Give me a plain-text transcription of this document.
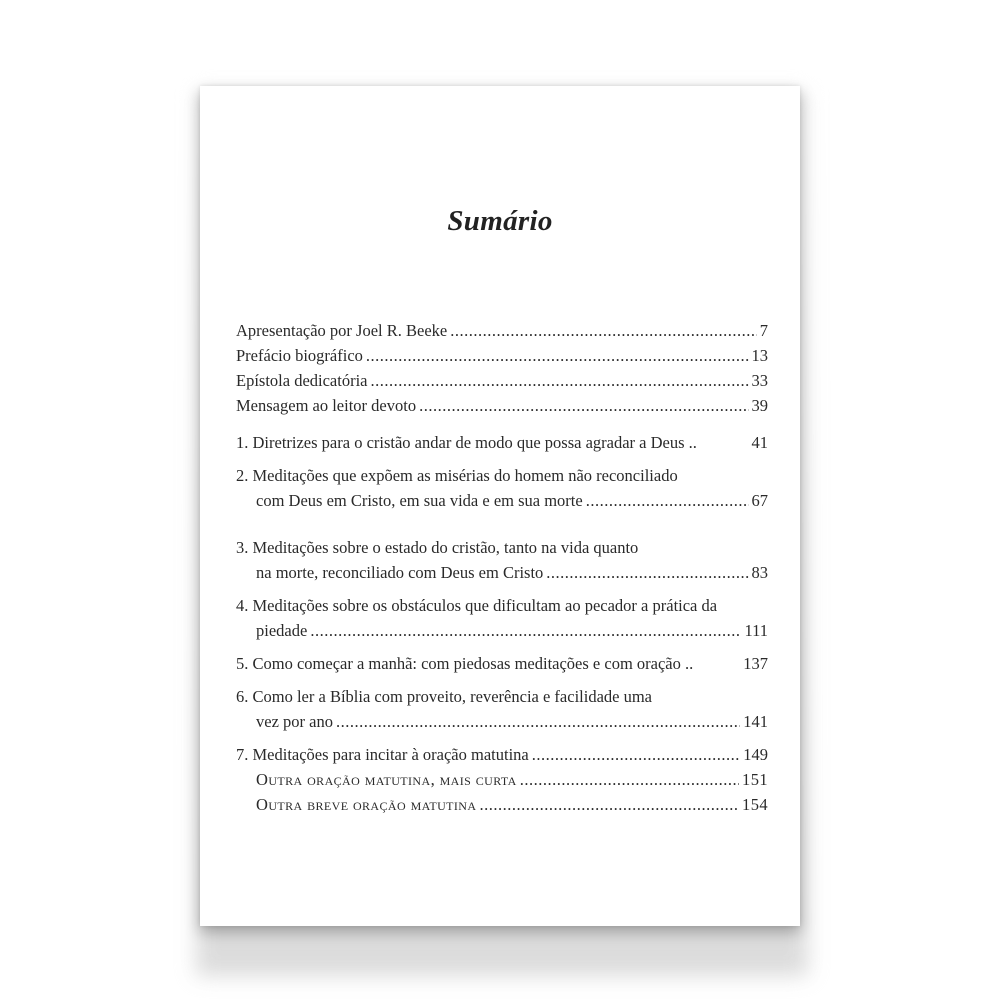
Sumário
Apresentação por Joel R. Beeke .....	7
Prefácio biográfico .....	13
Epístola dedicatória .....	33
Mensagem ao leitor devoto .....	39
1. Diretrizes para o cristão andar de modo que possa agradar a Deus ..	41
2. Meditações que expõem as misérias do homem não reconciliado
com Deus em Cristo, em sua vida e em sua morte .....	67
3. Meditações sobre o estado do cristão, tanto na vida quanto
na morte, reconciliado com Deus em Cristo .....	83
4. Meditações sobre os obstáculos que dificultam ao pecador a prática da
piedade .....	111
5. Como começar a manhã: com piedosas meditações e com oração ..	137
6. Como ler a Bíblia com proveito, reverência e facilidade uma
vez por ano .....	141
7. Meditações para incitar à oração matutina .....	149
Outra oração matutina, mais curta .....	151
Outra breve oração matutina .....	154
